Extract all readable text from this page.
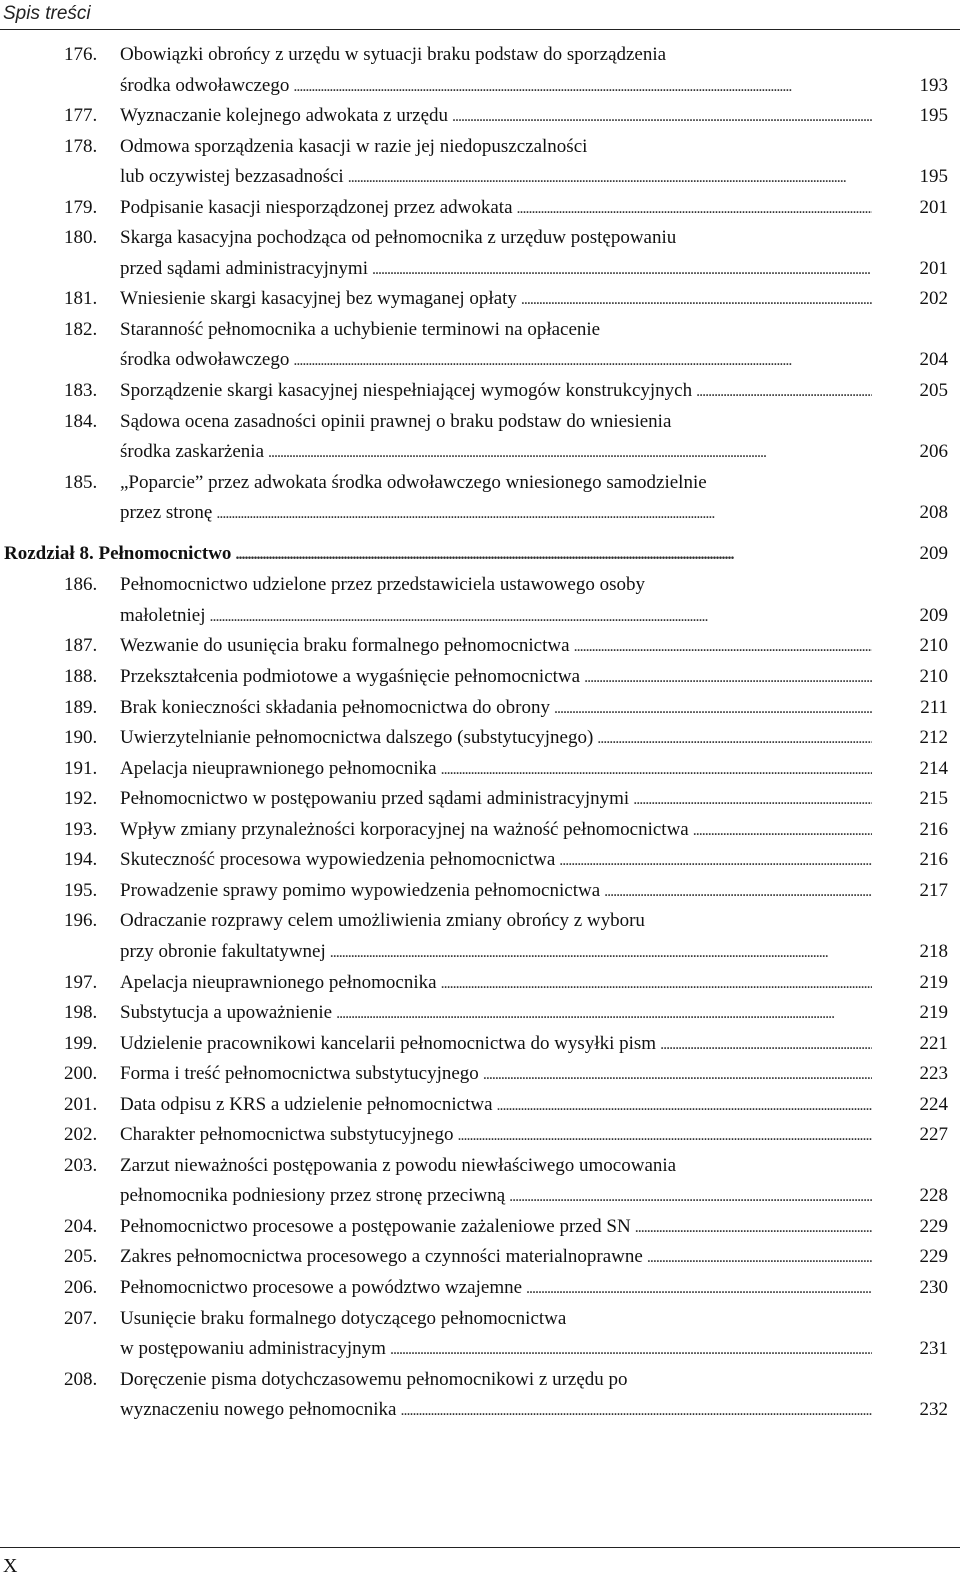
Spis treści
176. Obowiązki obrońcy z urzędu w sytuacji braku podstaw do sporządzenia
środka odwoławczego . . .	193
177. Wyznaczanie kolejnego adwokata z urzędu . . .	195
178. Odmowa sporządzenia kasacji w razie jej niedopuszczalności
lub oczywistej bezzasadności . . .	195
179. Podpisanie kasacji niesporządzonej przez adwokata . . .	201
180. Skarga kasacyjna pochodząca od pełnomocnika z urzęduw postępowaniu
przed sądami administracyjnymi . . .	201
181. Wniesienie skargi kasacyjnej bez wymaganej opłaty . . .	202
182. Staranność pełnomocnika a uchybienie terminowi na opłacenie
środka odwoławczego . . .	204
183. Sporządzenie skargi kasacyjnej niespełniającej wymogów konstrukcyjnych . . .	205
184. Sądowa ocena zasadności opinii prawnej o braku podstaw do wniesienia
środka zaskarżenia . . .	206
185. „Poparcie” przez adwokata środka odwoławczego wniesionego samodzielnie
przez stronę . . .	208
Rozdział 8. Pełnomocnictwo . . .	209
186. Pełnomocnictwo udzielone przez przedstawiciela ustawowego osoby
małoletniej . . .	209
187. Wezwanie do usunięcia braku formalnego pełnomocnictwa . . .	210
188. Przekształcenia podmiotowe a wygaśnięcie pełnomocnictwa . . .	210
189. Brak konieczności składania pełnomocnictwa do obrony . . .	211
190. Uwierzytelnianie pełnomocnictwa dalszego (substytucyjnego) . . .	212
191. Apelacja nieuprawnionego pełnomocnika . . .	214
192. Pełnomocnictwo w postępowaniu przed sądami administracyjnymi . . .	215
193. Wpływ zmiany przynależności korporacyjnej na ważność pełnomocnictwa . . .	216
194. Skuteczność procesowa wypowiedzenia pełnomocnictwa . . .	216
195. Prowadzenie sprawy pomimo wypowiedzenia pełnomocnictwa . . .	217
196. Odraczanie rozprawy celem umożliwienia zmiany obrońcy z wyboru
przy obronie fakultatywnej . . .	218
197. Apelacja nieuprawnionego pełnomocnika . . .	219
198. Substytucja a upoważnienie . . .	219
199. Udzielenie pracownikowi kancelarii pełnomocnictwa do wysyłki pism . . .	221
200. Forma i treść pełnomocnictwa substytucyjnego . . .	223
201. Data odpisu z KRS a udzielenie pełnomocnictwa . . .	224
202. Charakter pełnomocnictwa substytucyjnego . . .	227
203. Zarzut nieważności postępowania z powodu niewłaściwego umocowania
pełnomocnika podniesiony przez stronę przeciwną . . .	228
204. Pełnomocnictwo procesowe a postępowanie zażaleniowe przed SN . . .	229
205. Zakres pełnomocnictwa procesowego a czynności materialnoprawne . . .	229
206. Pełnomocnictwo procesowe a powództwo wzajemne . . .	230
207. Usunięcie braku formalnego dotyczącego pełnomocnictwa
w postępowaniu administracyjnym . . .	231
208. Doręczenie pisma dotychczasowemu pełnomocnikowi z urzędu po
wyznaczeniu nowego pełnomocnika . . .	232
X
